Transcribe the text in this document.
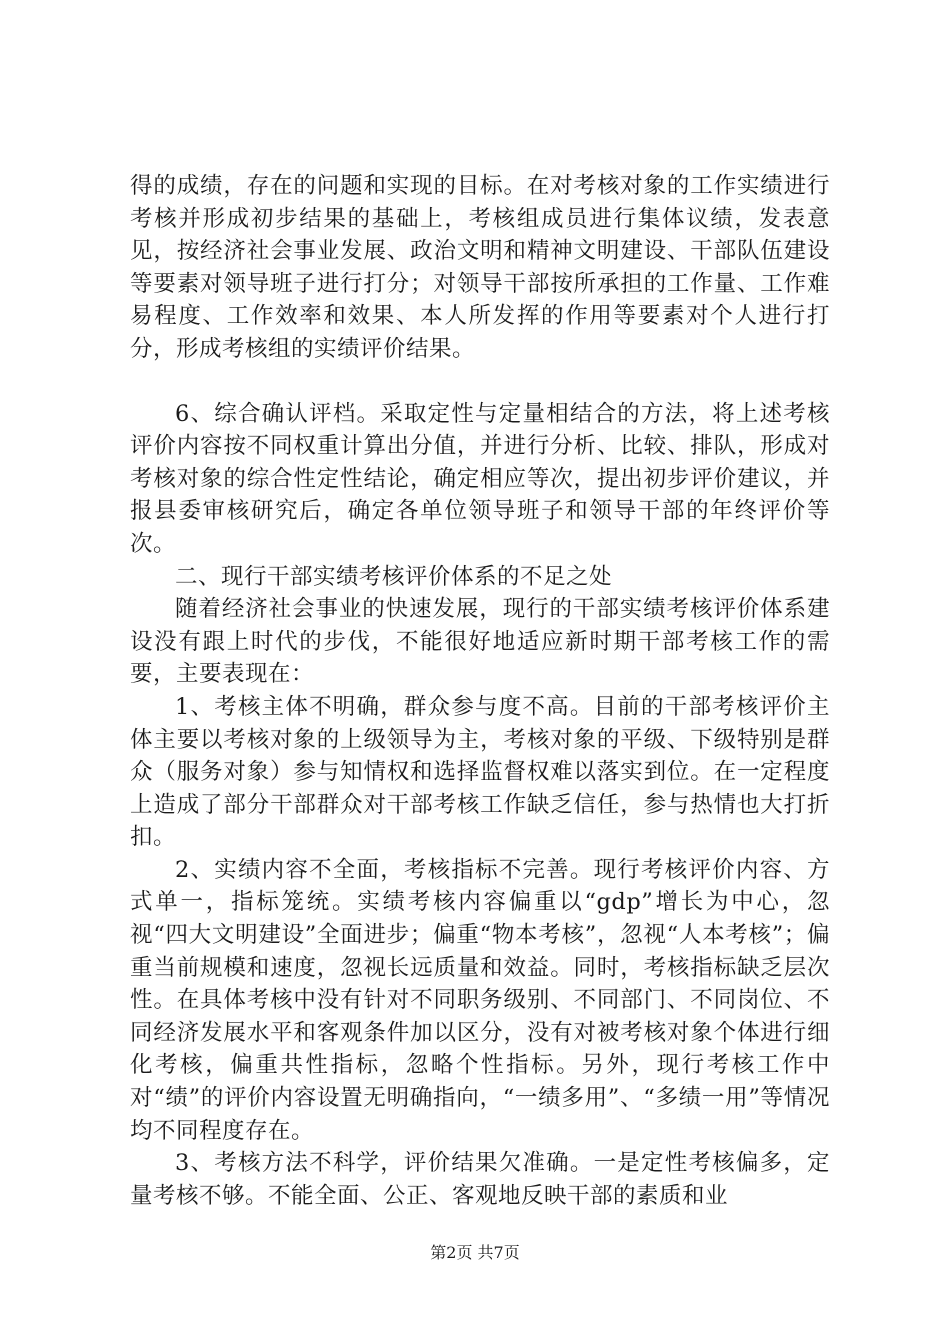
得的成绩，存在的问题和实现的目标。在对考核对象的工作实绩进行考核并形成初步结果的基础上，考核组成员进行集体议绩，发表意见，按经济社会事业发展、政治文明和精神文明建设、干部队伍建设等要素对领导班子进行打分；对领导干部按所承担的工作量、工作难易程度、工作效率和效果、本人所发挥的作用等要素对个人进行打分，形成考核组的实绩评价结果。

6、综合确认评档。采取定性与定量相结合的方法，将上述考核评价内容按不同权重计算出分值，并进行分析、比较、排队，形成对考核对象的综合性定性结论，确定相应等次，提出初步评价建议，并报县委审核研究后，确定各单位领导班子和领导干部的年终评价等次。

二、现行干部实绩考核评价体系的不足之处

随着经济社会事业的快速发展，现行的干部实绩考核评价体系建设没有跟上时代的步伐，不能很好地适应新时期干部考核工作的需要，主要表现在：

1、考核主体不明确，群众参与度不高。目前的干部考核评价主体主要以考核对象的上级领导为主，考核对象的平级、下级特别是群众（服务对象）参与知情权和选择监督权难以落实到位。在一定程度上造成了部分干部群众对干部考核工作缺乏信任，参与热情也大打折扣。

2、实绩内容不全面，考核指标不完善。现行考核评价内容、方式单一，指标笼统。实绩考核内容偏重以“gdp”增长为中心，忽视“四大文明建设”全面进步；偏重“物本考核”，忽视“人本考核”；偏重当前规模和速度，忽视长远质量和效益。同时，考核指标缺乏层次性。在具体考核中没有针对不同职务级别、不同部门、不同岗位、不同经济发展水平和客观条件加以区分，没有对被考核对象个体进行细化考核，偏重共性指标，忽略个性指标。另外，现行考核工作中对“绩”的评价内容设置无明确指向，“一绩多用”、“多绩一用”等情况均不同程度存在。

3、考核方法不科学，评价结果欠准确。一是定性考核偏多，定量考核不够。不能全面、公正、客观地反映干部的素质和业

第2页 共7页
